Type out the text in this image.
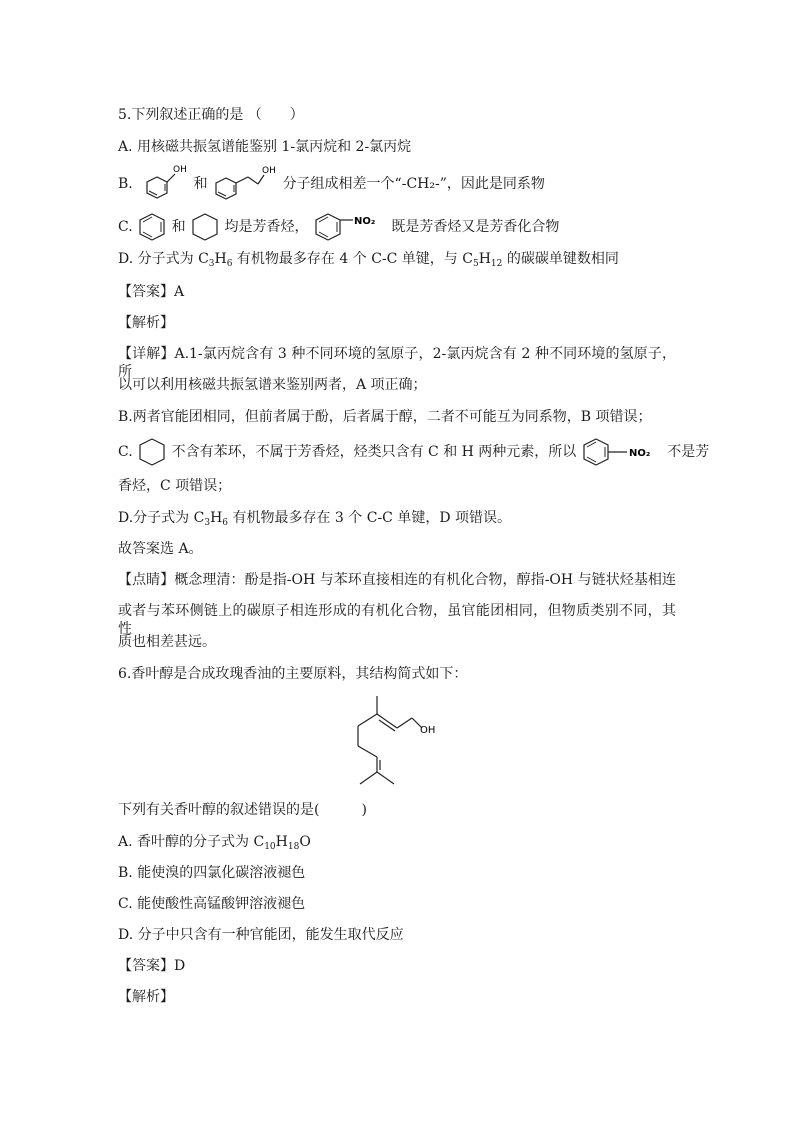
5.下列叙述正确的是 （　　）
A. 用核磁共振氢谱能鉴别 1-氯丙烷和 2-氯丙烷
B.
OH
和
OH
分子组成相差一个“-CH₂-”，因此是同系物
C.	和	均是芳香烃，	NO₂ 既是芳香烃又是芳香化合物
D. 分子式为 $C_3H_6$ 有机物最多存在 4 个 C-C 单键，与 $C_5H_{12}$ 的碳碳单键数相同
【答案】A
【解析】
【详解】A.1-氯丙烷含有 3 种不同环境的氢原子，2-氯丙烷含有 2 种不同环境的氢原子，所
以可以利用核磁共振氢谱来鉴别两者，A 项正确；
B.两者官能团相同，但前者属于酚，后者属于醇，二者不可能互为同系物，B 项错误；
C.	不含有苯环，不属于芳香烃，烃类只含有 C 和 H 两种元素，所以	NO₂ 不是芳
香烃，C 项错误；
D.分子式为 $C_3H_6$ 有机物最多存在 3 个 C-C 单键，D 项错误。
故答案选 A。
【点睛】概念理清：酚是指-OH 与苯环直接相连的有机化合物，醇指-OH 与链状烃基相连
或者与苯环侧链上的碳原子相连形成的有机化合物，虽官能团相同，但物质类别不同，其性
质也相差甚远。
6.香叶醇是合成玫瑰香油的主要原料，其结构简式如下：
OH
下列有关香叶醇的叙述错误的是(　　　)
A. 香叶醇的分子式为 $C_{10}H_{18}O$
B. 能使溴的四氯化碳溶液褪色
C. 能使酸性高锰酸钾溶液褪色
D. 分子中只含有一种官能团，能发生取代反应
【答案】D
【解析】
